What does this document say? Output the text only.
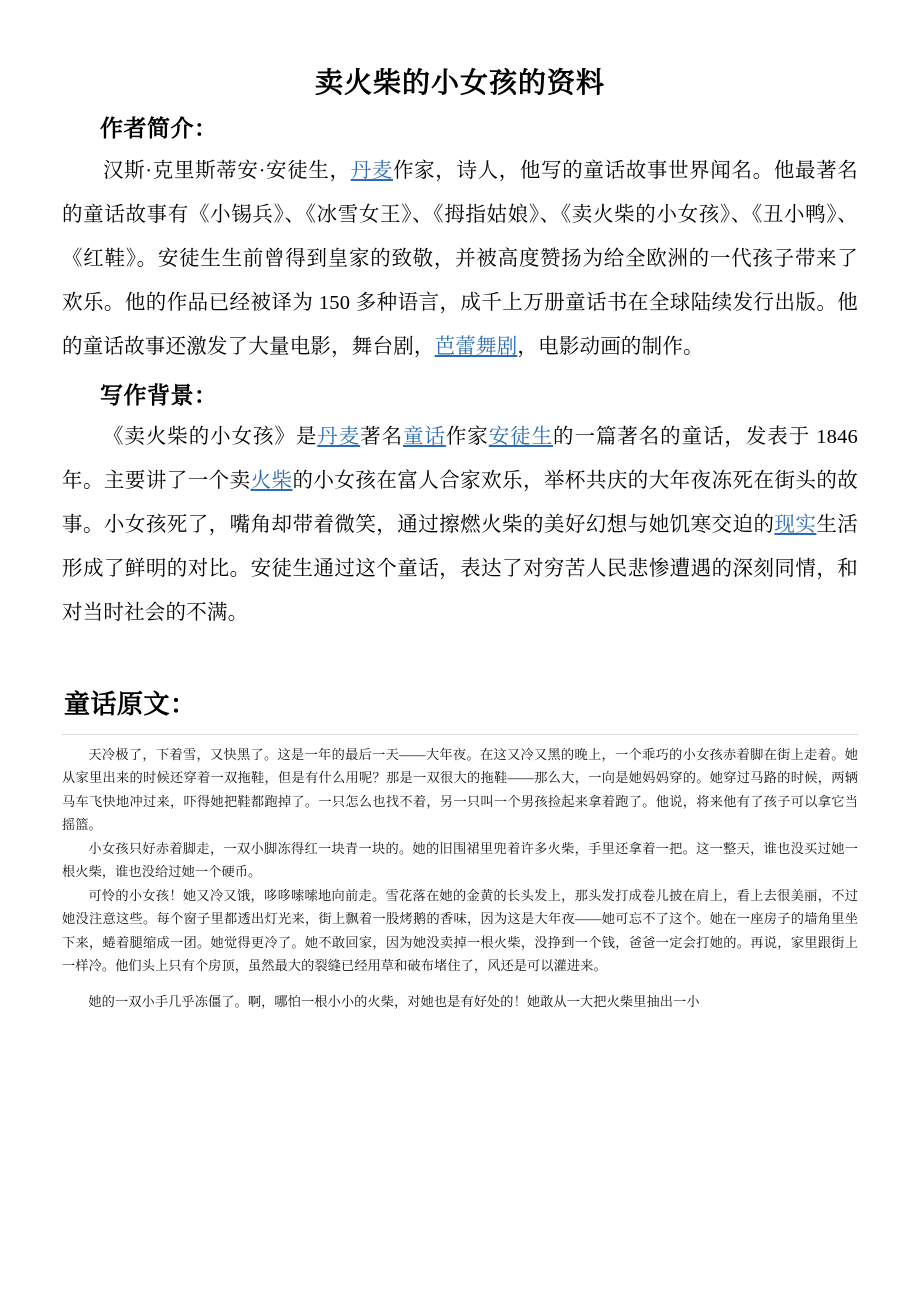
卖火柴的小女孩的资料
作者简介：

汉斯·克里斯蒂安·安徒生，丹麦作家，诗人，他写的童话故事世界闻名。他最著名的童话故事有《小锡兵》、《冰雪女王》、《拇指姑娘》、《卖火柴的小女孩》、《丑小鸭》、《红鞋》。安徒生生前曾得到皇家的致敬，并被高度赞扬为给全欧洲的一代孩子带来了欢乐。他的作品已经被译为 150 多种语言，成千上万册童话书在全球陆续发行出版。他的童话故事还激发了大量电影，舞台剧，芭蕾舞剧，电影动画的制作。

写作背景：

《卖火柴的小女孩》是丹麦著名童话作家安徒生的一篇著名的童话，发表于 1846 年。主要讲了一个卖火柴的小女孩在富人合家欢乐，举杯共庆的大年夜冻死在街头的故事。小女孩死了，嘴角却带着微笑，通过擦燃火柴的美好幻想与她饥寒交迫的现实生活形成了鲜明的对比。安徒生通过这个童话，表达了对穷苦人民悲惨遭遇的深刻同情，和对当时社会的不满。

童话原文：

天冷极了，下着雪，又快黑了。这是一年的最后一天——大年夜。在这又冷又黑的晚上，一个乖巧的小女孩赤着脚在街上走着。她从家里出来的时候还穿着一双拖鞋，但是有什么用呢？那是一双很大的拖鞋——那么大，一向是她妈妈穿的。她穿过马路的时候，两辆马车飞快地冲过来，吓得她把鞋都跑掉了。一只怎么也找不着，另一只叫一个男孩捡起来拿着跑了。他说，将来他有了孩子可以拿它当摇篮。

小女孩只好赤着脚走，一双小脚冻得红一块青一块的。她的旧围裙里兜着许多火柴，手里还拿着一把。这一整天，谁也没买过她一根火柴，谁也没给过她一个硬币。

可怜的小女孩！她又冷又饿，哆哆嗦嗦地向前走。雪花落在她的金黄的长头发上，那头发打成卷儿披在肩上，看上去很美丽，不过她没注意这些。每个窗子里都透出灯光来，街上飘着一股烤鹅的香味，因为这是大年夜——她可忘不了这个。她在一座房子的墙角里坐下来，蜷着腿缩成一团。她觉得更冷了。她不敢回家，因为她没卖掉一根火柴，没挣到一个钱，爸爸一定会打她的。再说，家里跟街上一样冷。他们头上只有个房顶，虽然最大的裂缝已经用草和破布堵住了，风还是可以灌进来。

她的一双小手几乎冻僵了。啊，哪怕一根小小的火柴，对她也是有好处的！她敢从一大把火柴里抽出一小
